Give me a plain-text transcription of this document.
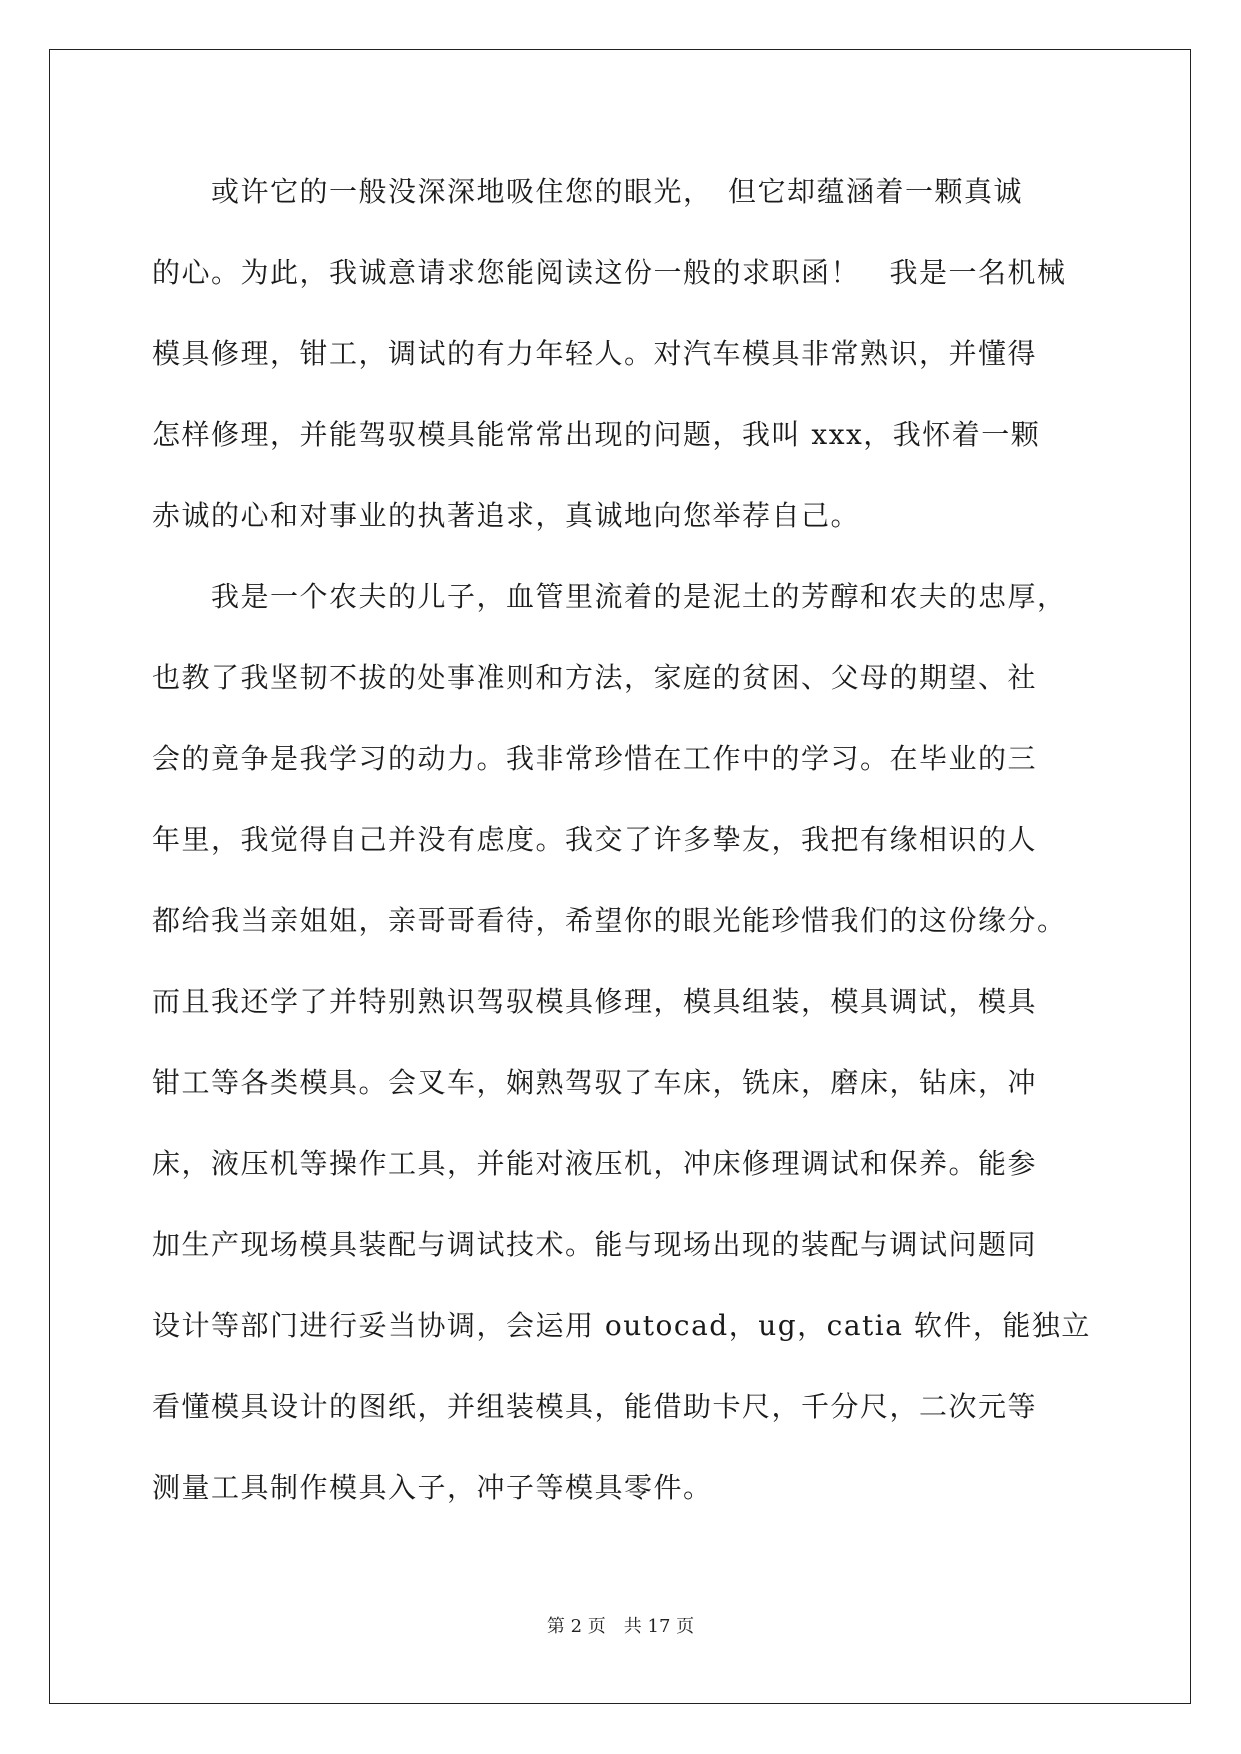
　　或许它的一般没深深地吸住您的眼光，　但它却蕴涵着一颗真诚
的心。为此，我诚意请求您能阅读这份一般的求职函！　我是一名机械
模具修理，钳工，调试的有力年轻人。对汽车模具非常熟识，并懂得
怎样修理，并能驾驭模具能常常出现的问题，我叫 xxx，我怀着一颗
赤诚的心和对事业的执著追求，真诚地向您举荐自己。
　　我是一个农夫的儿子，血管里流着的是泥土的芳醇和农夫的忠厚，
也教了我坚韧不拔的处事准则和方法，家庭的贫困、父母的期望、社
会的竟争是我学习的动力。我非常珍惜在工作中的学习。在毕业的三
年里，我觉得自己并没有虑度。我交了许多挚友，我把有缘相识的人
都给我当亲姐姐，亲哥哥看待，希望你的眼光能珍惜我们的这份缘分。
而且我还学了并特别熟识驾驭模具修理，模具组装，模具调试，模具
钳工等各类模具。会叉车，娴熟驾驭了车床，铣床，磨床，钻床，冲
床，液压机等操作工具，并能对液压机，冲床修理调试和保养。能参
加生产现场模具装配与调试技术。能与现场出现的装配与调试问题同
设计等部门进行妥当协调，会运用 outocad，ug，catia 软件，能独立
看懂模具设计的图纸，并组装模具，能借助卡尺，千分尺，二次元等
测量工具制作模具入子，冲子等模具零件。
第 2 页 共 17 页
